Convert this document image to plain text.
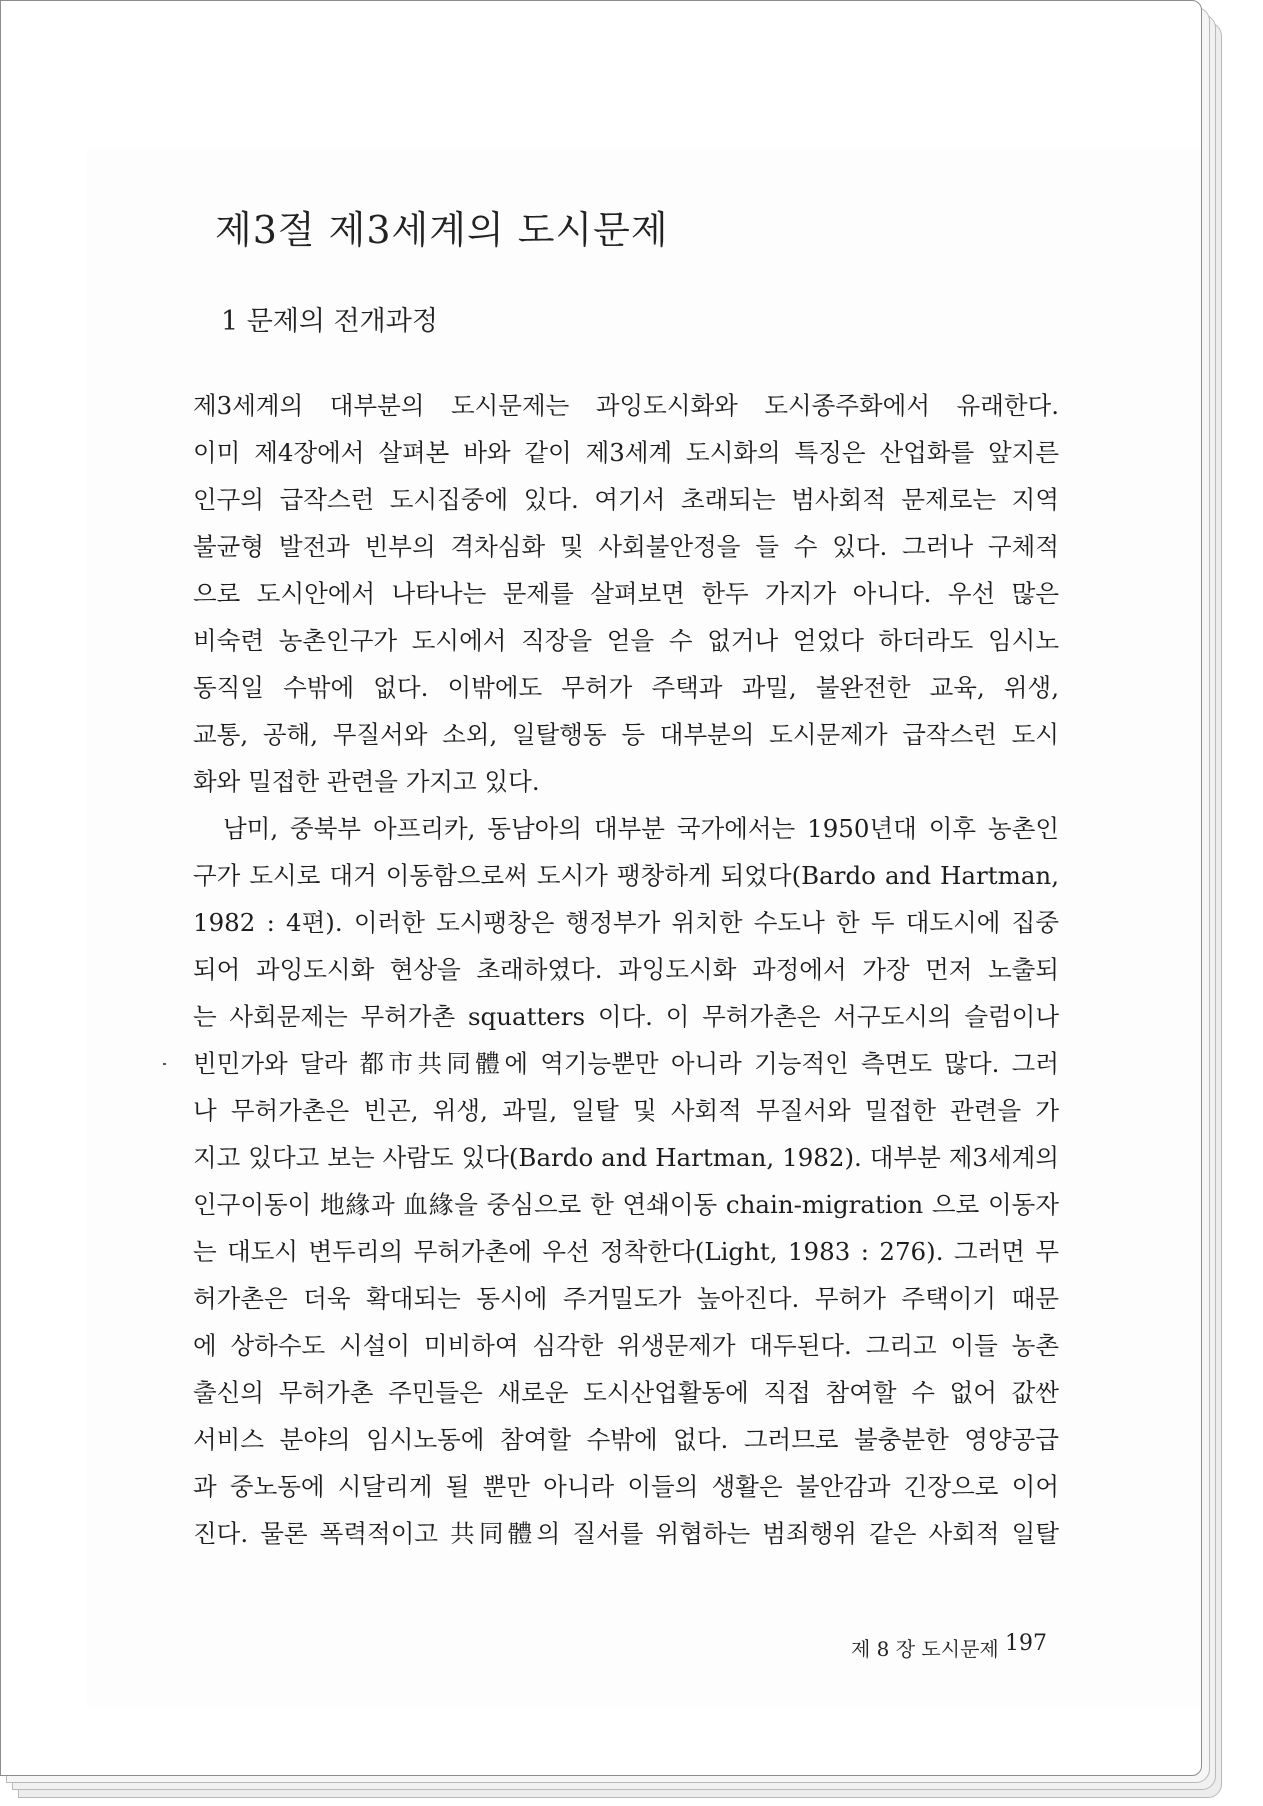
제3절 제3세계의 도시문제
1 문제의 전개과정

제3세계의 대부분의 도시문제는 과잉도시화와 도시종주화에서 유래한다.

이미 제4장에서 살펴본 바와 같이 제3세계 도시화의 특징은 산업화를 앞지른

인구의 급작스런 도시집중에 있다. 여기서 초래되는 범사회적 문제로는 지역

불균형 발전과 빈부의 격차심화 및 사회불안정을 들 수 있다. 그러나 구체적

으로 도시안에서 나타나는 문제를 살펴보면 한두 가지가 아니다. 우선 많은

비숙련 농촌인구가 도시에서 직장을 얻을 수 없거나 얻었다 하더라도 임시노

동직일 수밖에 없다. 이밖에도 무허가 주택과 과밀, 불완전한 교육, 위생,

교통, 공해, 무질서와 소외, 일탈행동 등 대부분의 도시문제가 급작스런 도시

화와 밀접한 관련을 가지고 있다.

남미, 중북부 아프리카, 동남아의 대부분 국가에서는 1950년대 이후 농촌인

구가 도시로 대거 이동함으로써 도시가 팽창하게 되었다(Bardo and Hartman,

1982 : 4편). 이러한 도시팽창은 행정부가 위치한 수도나 한 두 대도시에 집중

되어 과잉도시화 현상을 초래하였다. 과잉도시화 과정에서 가장 먼저 노출되

는 사회문제는 무허가촌 squatters 이다. 이 무허가촌은 서구도시의 슬럼이나

빈민가와 달라 都市共同體에 역기능뿐만 아니라 기능적인 측면도 많다. 그러

나 무허가촌은 빈곤, 위생, 과밀, 일탈 및 사회적 무질서와 밀접한 관련을 가

지고 있다고 보는 사람도 있다(Bardo and Hartman, 1982). 대부분 제3세계의

인구이동이 地緣과 血緣을 중심으로 한 연쇄이동 chain-migration 으로 이동자

는 대도시 변두리의 무허가촌에 우선 정착한다(Light, 1983 : 276). 그러면 무

허가촌은 더욱 확대되는 동시에 주거밀도가 높아진다. 무허가 주택이기 때문

에 상하수도 시설이 미비하여 심각한 위생문제가 대두된다. 그리고 이들 농촌

출신의 무허가촌 주민들은 새로운 도시산업활동에 직접 참여할 수 없어 값싼

서비스 분야의 임시노동에 참여할 수밖에 없다. 그러므로 불충분한 영양공급

과 중노동에 시달리게 될 뿐만 아니라 이들의 생활은 불안감과 긴장으로 이어

진다. 물론 폭력적이고 共同體의 질서를 위협하는 범죄행위 같은 사회적 일탈

제 8 장 도시문제 197
